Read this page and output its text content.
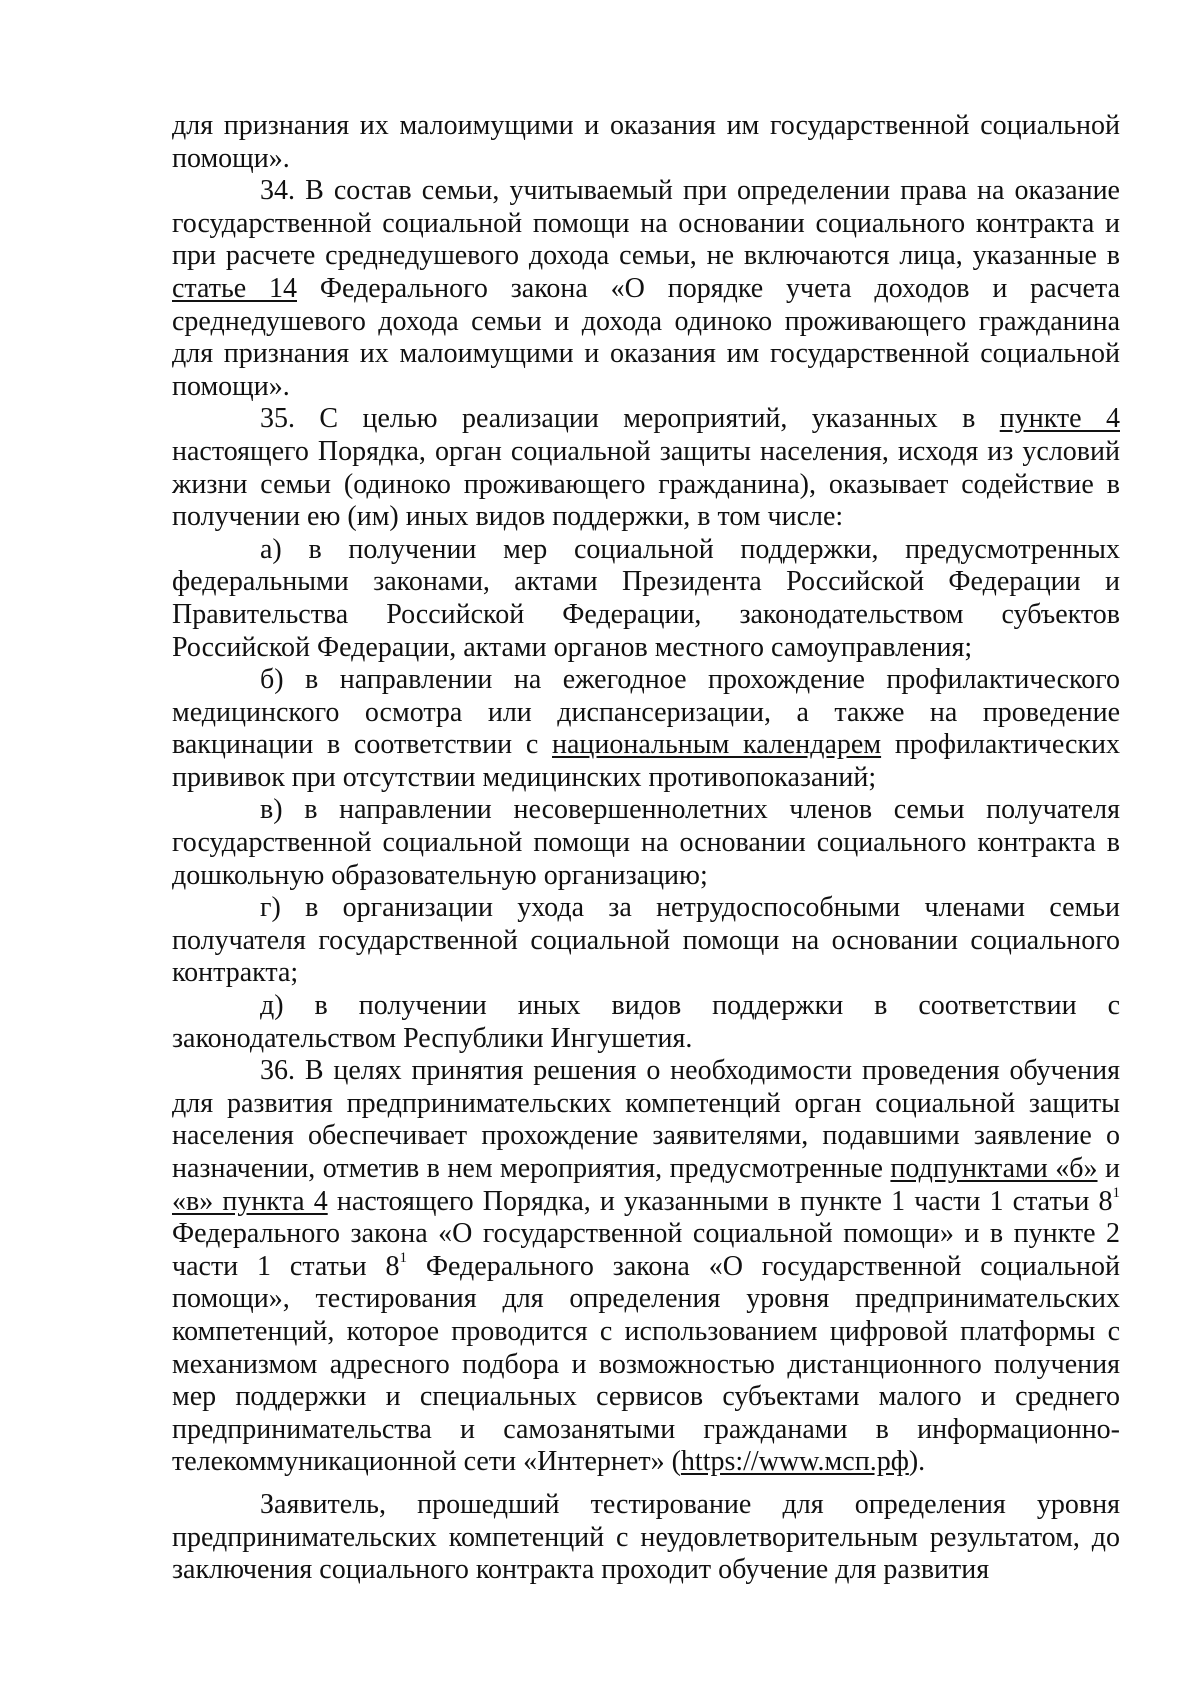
для признания их малоимущими и оказания им государственной социальной помощи».

34. В состав семьи, учитываемый при определении права на оказание государственной социальной помощи на основании социального контракта и при расчете среднедушевого дохода семьи, не включаются лица, указанные в статье 14 Федерального закона «О порядке учета доходов и расчета среднедушевого дохода семьи и дохода одиноко проживающего гражданина для признания их малоимущими и оказания им государственной социальной помощи».

35. С целью реализации мероприятий, указанных в пункте 4 настоящего Порядка, орган социальной защиты населения, исходя из условий жизни семьи (одиноко проживающего гражданина), оказывает содействие в получении ею (им) иных видов поддержки, в том числе:

а) в получении мер социальной поддержки, предусмотренных федеральными законами, актами Президента Российской Федерации и Правительства Российской Федерации, законодательством субъектов Российской Федерации, актами органов местного самоуправления;

б) в направлении на ежегодное прохождение профилактического медицинского осмотра или диспансеризации, а также на проведение вакцинации в соответствии с национальным календарем профилактических прививок при отсутствии медицинских противопоказаний;

в) в направлении несовершеннолетних членов семьи получателя государственной социальной помощи на основании социального контракта в дошкольную образовательную организацию;

г) в организации ухода за нетрудоспособными членами семьи получателя государственной социальной помощи на основании социального контракта;

д) в получении иных видов поддержки в соответствии с законодательством Республики Ингушетия.

36. В целях принятия решения о необходимости проведения обучения для развития предпринимательских компетенций орган социальной защиты населения обеспечивает прохождение заявителями, подавшими заявление о назначении, отметив в нем мероприятия, предусмотренные подпунктами «б» и «в» пункта 4 настоящего Порядка, и указанными в пункте 1 части 1 статьи $8^1$ Федерального закона «О государственной социальной помощи» и в пункте 2 части 1 статьи $8^1$ Федерального закона «О государственной социальной помощи», тестирования для определения уровня предпринимательских компетенций, которое проводится с использованием цифровой платформы с механизмом адресного подбора и возможностью дистанционного получения мер поддержки и специальных сервисов субъектами малого и среднего предпринимательства и самозанятыми гражданами в информационно-телекоммуникационной сети «Интернет» (https://www.мсп.рф).

Заявитель, прошедший тестирование для определения уровня предпринимательских компетенций с неудовлетворительным результатом, до заключения социального контракта проходит обучение для развития
